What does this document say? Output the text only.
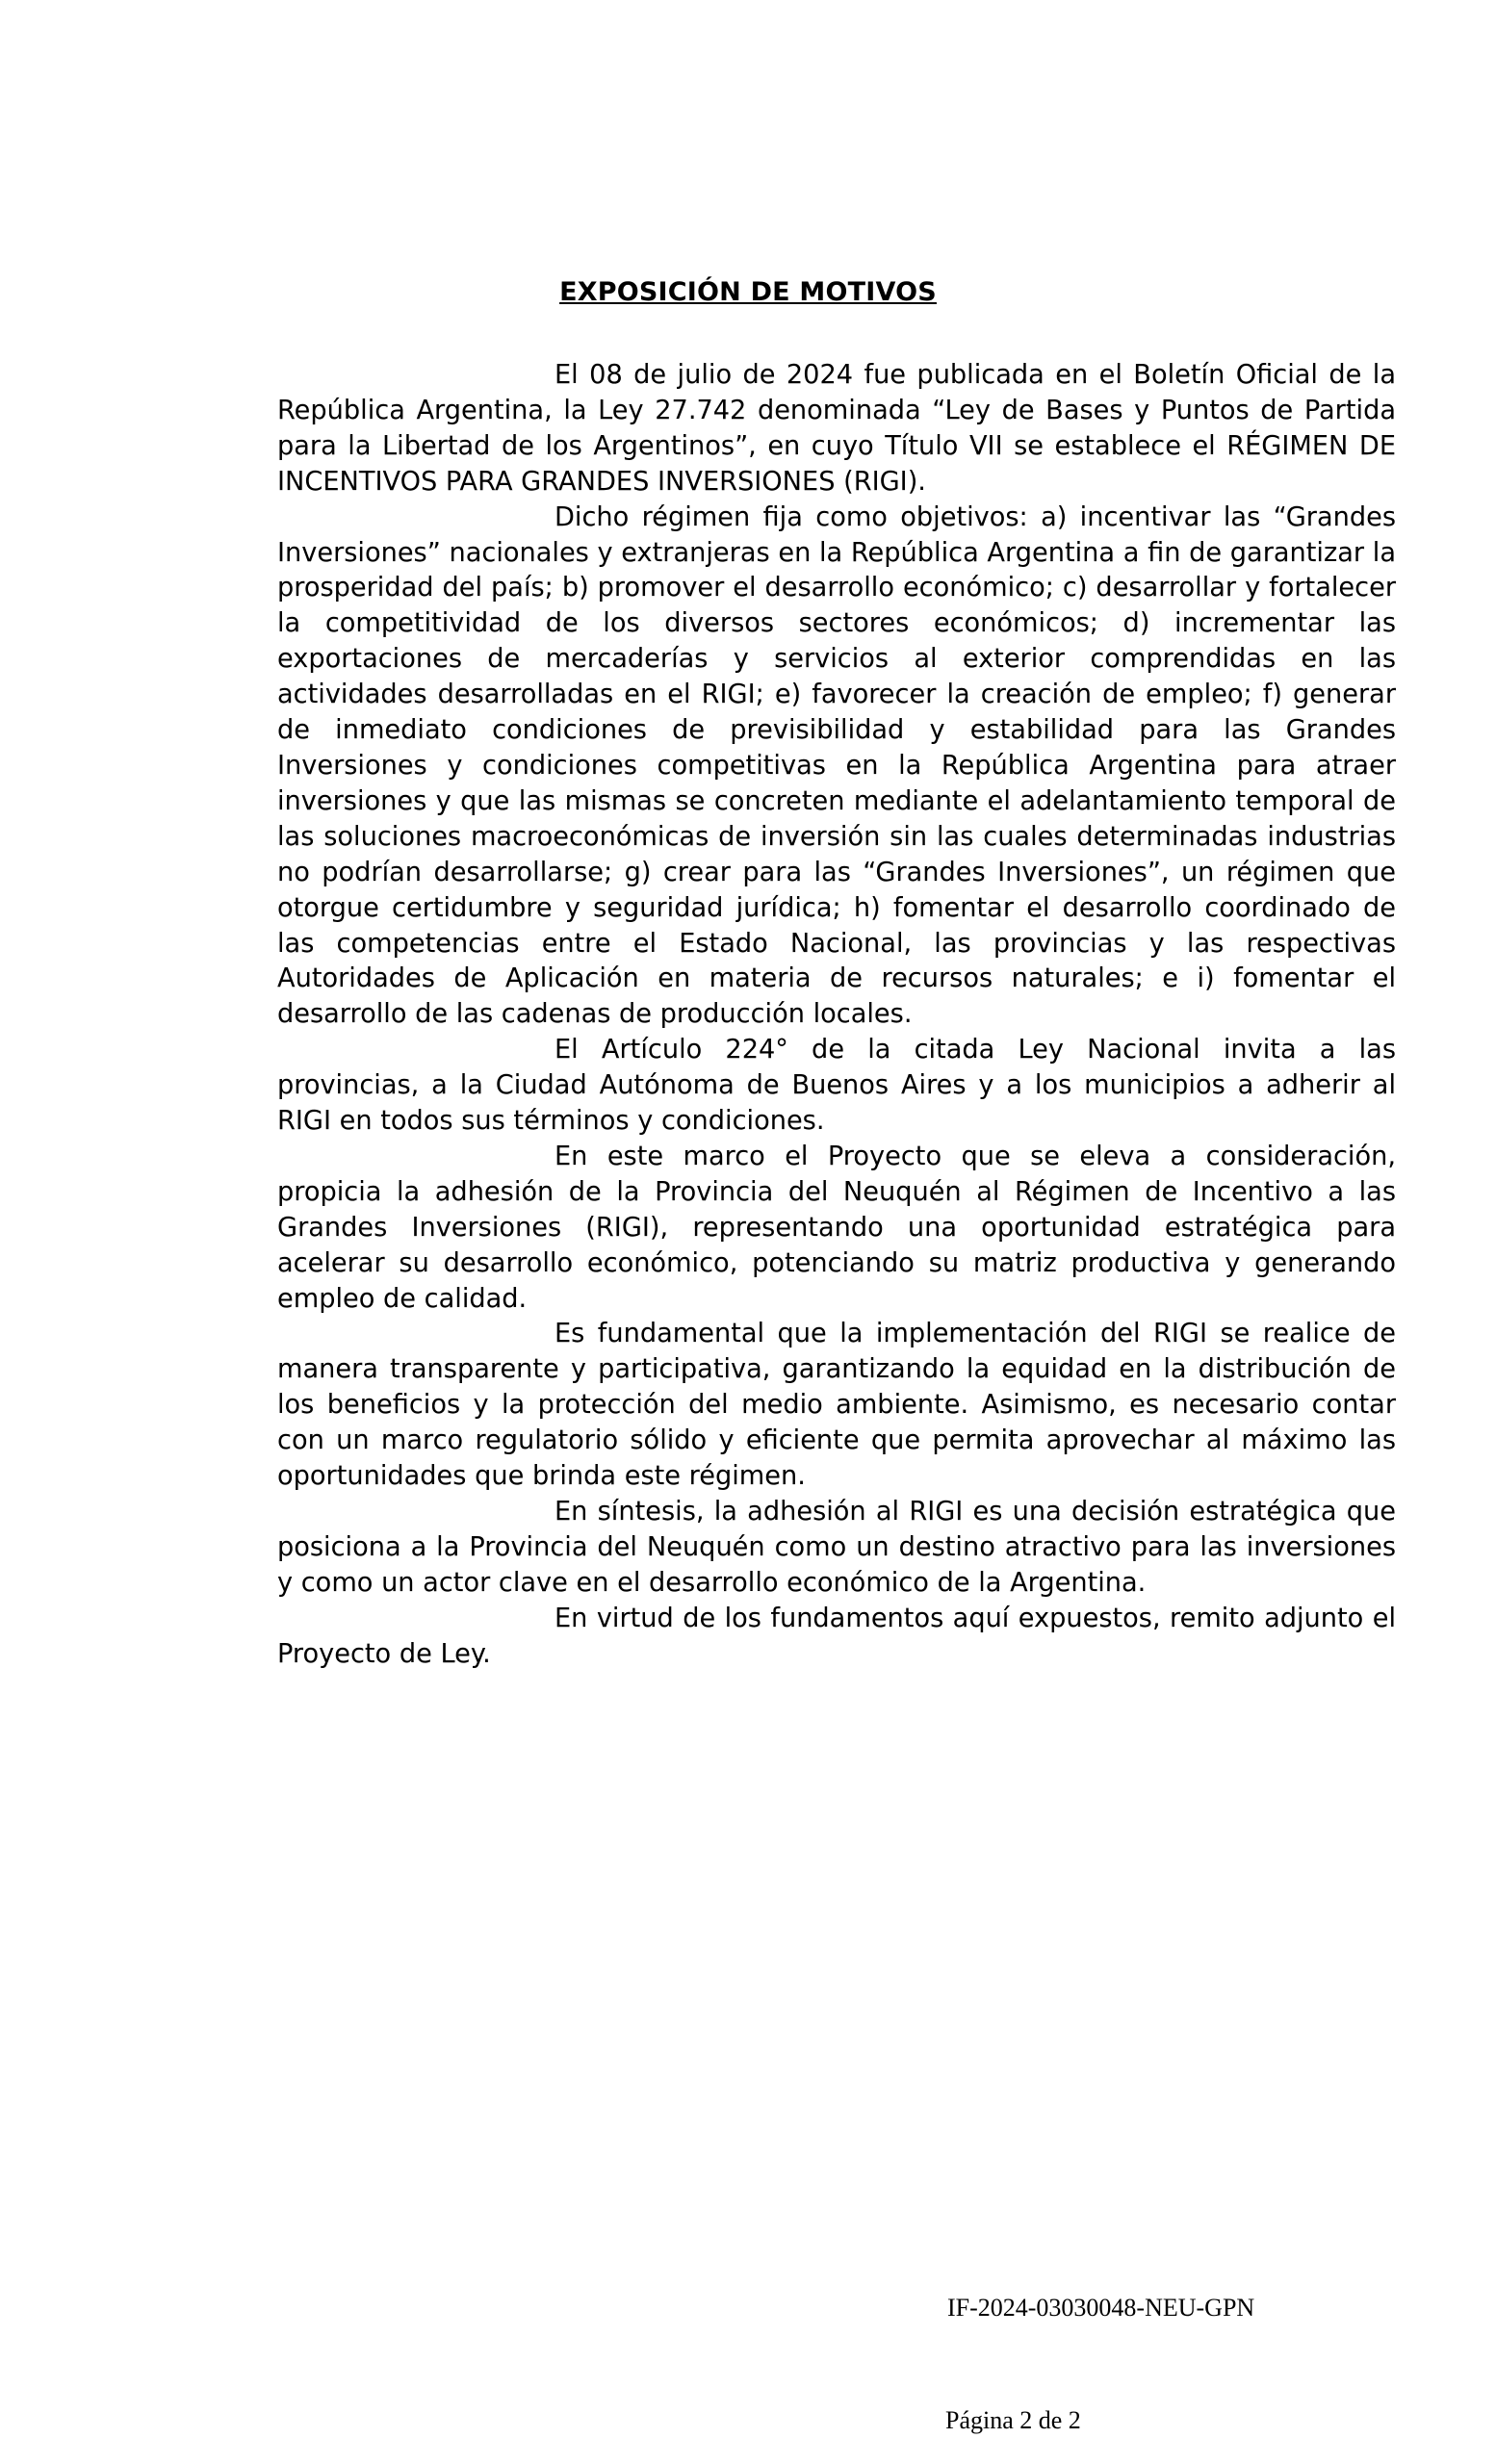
EXPOSICIÓN DE MOTIVOS

El 08 de julio de 2024 fue publicada en el Boletín Oficial de la República Argentina, la Ley 27.742 denominada “Ley de Bases y Puntos de Partida para la Libertad de los Argentinos”, en cuyo Título VII se establece el RÉGIMEN DE INCENTIVOS PARA GRANDES INVERSIONES (RIGI).

Dicho régimen fija como objetivos: a) incentivar las “Grandes Inversiones” nacionales y extranjeras en la República Argentina a fin de garantizar la prosperidad del país; b) promover el desarrollo económico; c) desarrollar y fortalecer la competitividad de los diversos sectores económicos; d) incrementar las exportaciones de mercaderías y servicios al exterior comprendidas en las actividades desarrolladas en el RIGI; e) favorecer la creación de empleo; f) generar de inmediato condiciones de previsibilidad y estabilidad para las Grandes Inversiones y condiciones competitivas en la República Argentina para atraer inversiones y que las mismas se concreten mediante el adelantamiento temporal de las soluciones macroeconómicas de inversión sin las cuales determinadas industrias no podrían desarrollarse; g) crear para las “Grandes Inversiones”, un régimen que otorgue certidumbre y seguridad jurídica; h) fomentar el desarrollo coordinado de las competencias entre el Estado Nacional, las provincias y las respectivas Autoridades de Aplicación en materia de recursos naturales; e i) fomentar el desarrollo de las cadenas de producción locales.

El Artículo 224° de la citada Ley Nacional invita a las provincias, a la Ciudad Autónoma de Buenos Aires y a los municipios a adherir al RIGI en todos sus términos y condiciones.

En este marco el Proyecto que se eleva a consideración, propicia la adhesión de la Provincia del Neuquén al Régimen de Incentivo a las Grandes Inversiones (RIGI), representando una oportunidad estratégica para acelerar su desarrollo económico, potenciando su matriz productiva y generando empleo de calidad.

Es fundamental que la implementación del RIGI se realice de manera transparente y participativa, garantizando la equidad en la distribución de los beneficios y la protección del medio ambiente. Asimismo, es necesario contar con un marco regulatorio sólido y eficiente que permita aprovechar al máximo las oportunidades que brinda este régimen.

En síntesis, la adhesión al RIGI es una decisión estratégica que posiciona a la Provincia del Neuquén como un destino atractivo para las inversiones y como un actor clave en el desarrollo económico de la Argentina.

En virtud de los fundamentos aquí expuestos, remito adjunto el Proyecto de Ley.

IF-2024-03030048-NEU-GPN
Página 2 de 2
